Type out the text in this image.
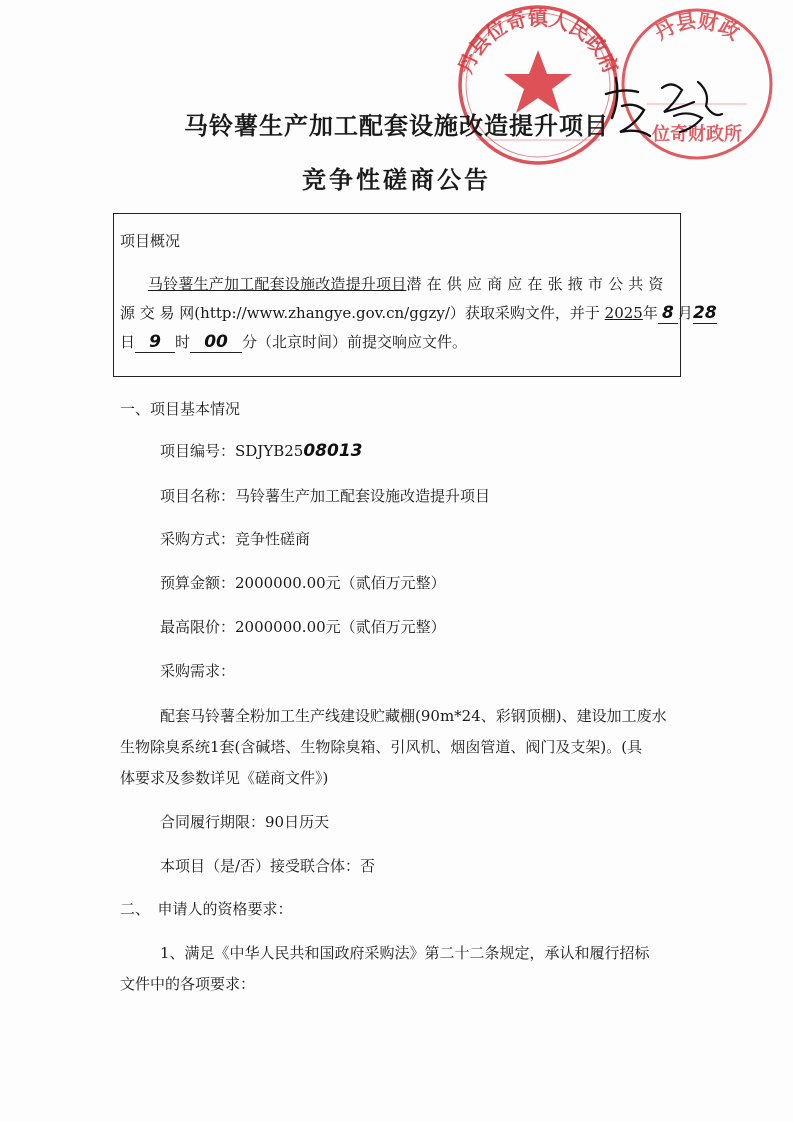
丹县位奇镇人民政府
丹县财政
位奇财政所
马铃薯生产加工配套设施改造提升项目
竞争性磋商公告
项目概况
马铃薯生产加工配套设施改造提升项目潜 在 供 应 商 应 在 张 掖 市 公 共 资
源 交 易 网(http://www.zhangye.gov.cn/ggzy/）获取采购文件，并于 2025年 8 月28
日 9 时 00 分（北京时间）前提交响应文件。

一、项目基本情况

项目编号：SDJYB2508013

项目名称：马铃薯生产加工配套设施改造提升项目

采购方式：竞争性磋商

预算金额：2000000.00元（贰佰万元整）

最高限价：2000000.00元（贰佰万元整）

采购需求：

配套马铃薯全粉加工生产线建设贮藏棚(90m*24、彩钢顶棚)、建设加工废水

生物除臭系统1套(含碱塔、生物除臭箱、引风机、烟囱管道、阀门及支架)。(具

体要求及参数详见《磋商文件》)

合同履行期限：90日历天

本项目（是/否）接受联合体：否

二、　申请人的资格要求：

1、满足《中华人民共和国政府采购法》第二十二条规定，承认和履行招标

文件中的各项要求：
